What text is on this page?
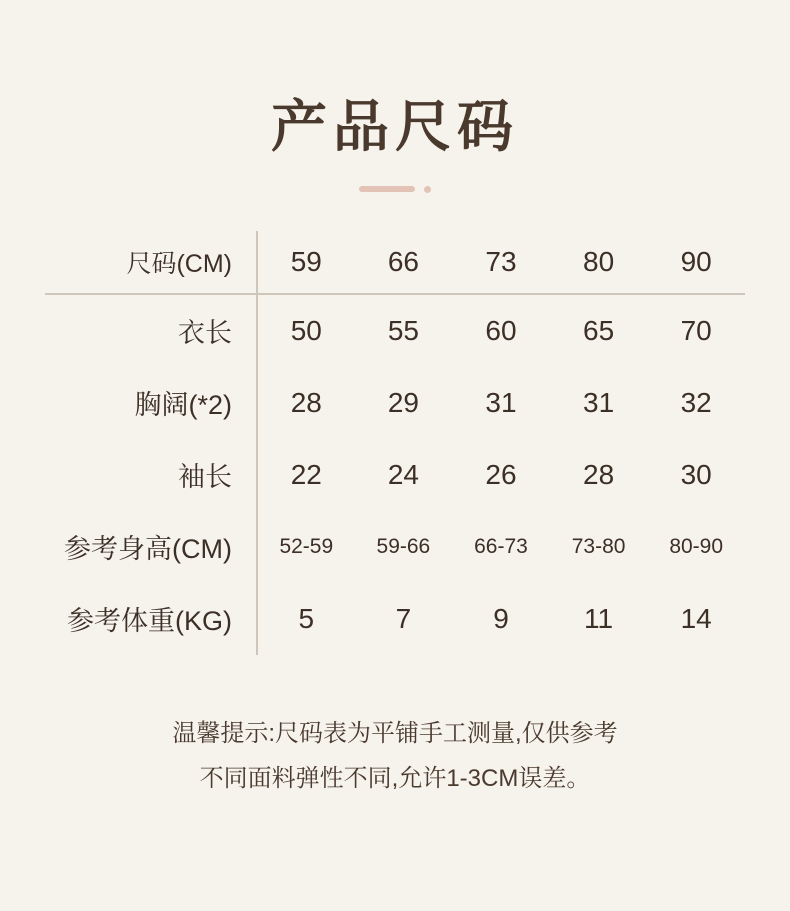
产品尺码
尺码(CM)	59	66	73	80	90
衣长	50	55	60	65	70
胸阔(*2)	28	29	31	31	32
袖长	22	24	26	28	30
参考身高(CM)	52-59	59-66	66-73	73-80	80-90
参考体重(KG)	5	7	9	11	14
温馨提示:尺码表为平铺手工测量,仅供参考
不同面料弹性不同,允许1-3CM误差。
